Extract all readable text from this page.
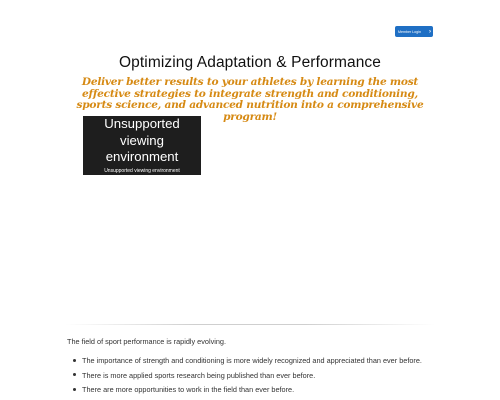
Member Login ›
Optimizing Adaptation & Performance

Deliver better results to your athletes by learning the most effective strategies to integrate strength and conditioning, sports science, and advanced nutrition into a comprehensive program!

Unsupported viewing environment
Unsupported viewing environment

The field of sport performance is rapidly evolving.

The importance of strength and conditioning is more widely recognized and appreciated than ever before.
There is more applied sports research being published than ever before.
There are more opportunities to work in the field than ever before.
